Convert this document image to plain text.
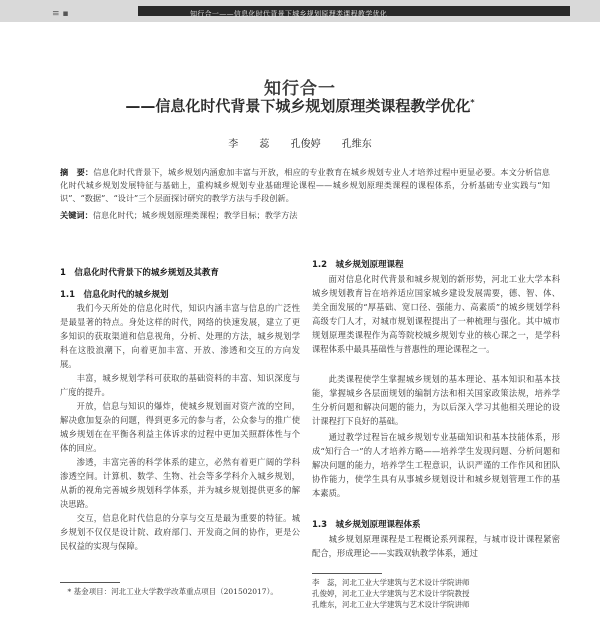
≡ ▪	知行合一——信息化时代背景下城乡规划原理类课程教学优化
知行合一
——信息化时代背景下城乡规划原理类课程教学优化*
李 蕊 孔俊婷 孔维东
摘　要：信息化时代背景下，城乡规划内涵愈加丰富与开放，相应的专业教育在城乡规划专业人才培养过程中更显必要。本文分析信息化时代城乡规划发展特征与基础上，重构城乡规划专业基础理论课程——城乡规划原理类课程的课程体系，分析基础专业实践与“知识”、“数据”、“设计”三个层面探讨研究的教学方法与手段创新。
关键词：信息化时代；城乡规划原理类课程；教学目标；教学方法
1　信息化时代背景下的城乡规划及其教育
1.1　信息化时代的城乡规划
我们今天所处的信息化时代，知识内涵丰富与信息的广泛性是最显著的特点。身处这样的时代，网络的快速发展，建立了更多知识的获取渠道和信息视角，分析、处理的方法，城乡规划学科在这股浪潮下，向着更加丰富、开放、渗透和交互的方向发展。
丰富，城乡规划学科可获取的基础资料的丰富、知识深度与广度的提升。
开放，信息与知识的爆炸，使城乡规划面对资产流的空间，解决愈加复杂的问题，得到更多元的参与者，公众参与的推广使城乡规划在在平衡各利益主体诉求的过程中更加关照群体性与个体的回应。
渗透，丰富完善的科学体系的建立，必然有着更广阔的学科渗透空间。计算机、数学、生物、社会等多学科介入城乡规划，从新的视角完善城乡规划科学体系，并为城乡规划提供更多的解决思路。
交互，信息化时代信息的分享与交互是最为重要的特征。城乡规划不仅仅是设计院、政府部门、开发商之间的协作，更是公民权益的实现与保障。
* 基金项目：河北工业大学教学改革重点项目（201502017）。
1.2　城乡规划原理课程
面对信息化时代背景和城乡规划的新形势，河北工业大学本科城乡规划教育旨在培养适应国家城乡建设发展需要，德、智、体、美全面发展的“厚基础、宽口径、强能力、高素质”的城乡规划学科高级专门人才，对城市规划课程提出了一种梳理与强化。其中城市规划原理类课程作为高等院校城乡规划专业的核心课之一，是学科课程体系中最具基础性与普惠性的理论课程之一。
此类课程使学生掌握城乡规划的基本理论、基本知识和基本技能，掌握城乡各层面规划的编制方法和相关国家政策法规，培养学生分析问题和解决问题的能力，为以后深入学习其他相关理论的设计课程打下良好的基础。
通过教学过程旨在城乡规划专业基础知识和基本技能体系，形成“知行合一”的人才培养方略——培养学生发现问题、分析问题和解决问题的能力，培养学生工程意识，认识严谨的工作作风和团队协作能力，使学生具有从事城乡规划设计和城乡规划管理工作的基本素质。
1.3　城乡规划原理课程体系
城乡规划原理课程是工程概论系列课程，与城市设计课程紧密配合，形成理论——实践双轨教学体系，通过
李　蕊，河北工业大学建筑与艺术设计学院讲师
孔俊婷，河北工业大学建筑与艺术设计学院教授
孔维东，河北工业大学建筑与艺术设计学院讲师
